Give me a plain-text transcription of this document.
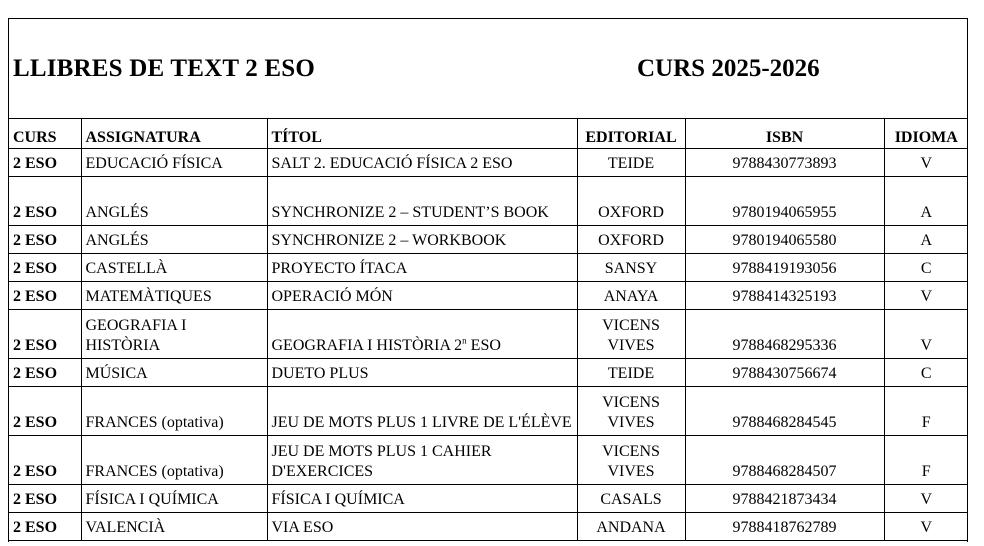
LLIBRES DE TEXT 2 ESO	CURS 2025-2026
CURS	ASSIGNATURA	TÍTOL	EDITORIAL	ISBN	IDIOMA
2 ESO	EDUCACIÓ FÍSICA	SALT 2. EDUCACIÓ FÍSICA 2 ESO	TEIDE	9788430773893	V
2 ESO	ANGLÉS	SYNCHRONIZE 2 – STUDENT’S BOOK	OXFORD	9780194065955	A
2 ESO	ANGLÉS	SYNCHRONIZE 2 – WORKBOOK	OXFORD	9780194065580	A
2 ESO	CASTELLÀ	PROYECTO ÍTACA	SANSY	9788419193056	C
2 ESO	MATEMÀTIQUES	OPERACIÓ MÓN	ANAYA	9788414325193	V
2 ESO	GEOGRAFIA I HISTÒRIA	GEOGRAFIA I HISTÒRIA 2$^n$ ESO	VICENS VIVES	9788468295336	V
2 ESO	MÚSICA	DUETO PLUS	TEIDE	9788430756674	C
2 ESO	FRANCES (optativa)	JEU DE MOTS PLUS 1 LIVRE DE L'ÉLÈVE	VICENS VIVES	9788468284545	F
2 ESO	FRANCES (optativa)	JEU DE MOTS PLUS 1 CAHIER D'EXERCICES	VICENS VIVES	9788468284507	F
2 ESO	FÍSICA I QUÍMICA	FÍSICA I QUÍMICA	CASALS	9788421873434	V
2 ESO	VALENCIÀ	VIA ESO	ANDANA	9788418762789	V
